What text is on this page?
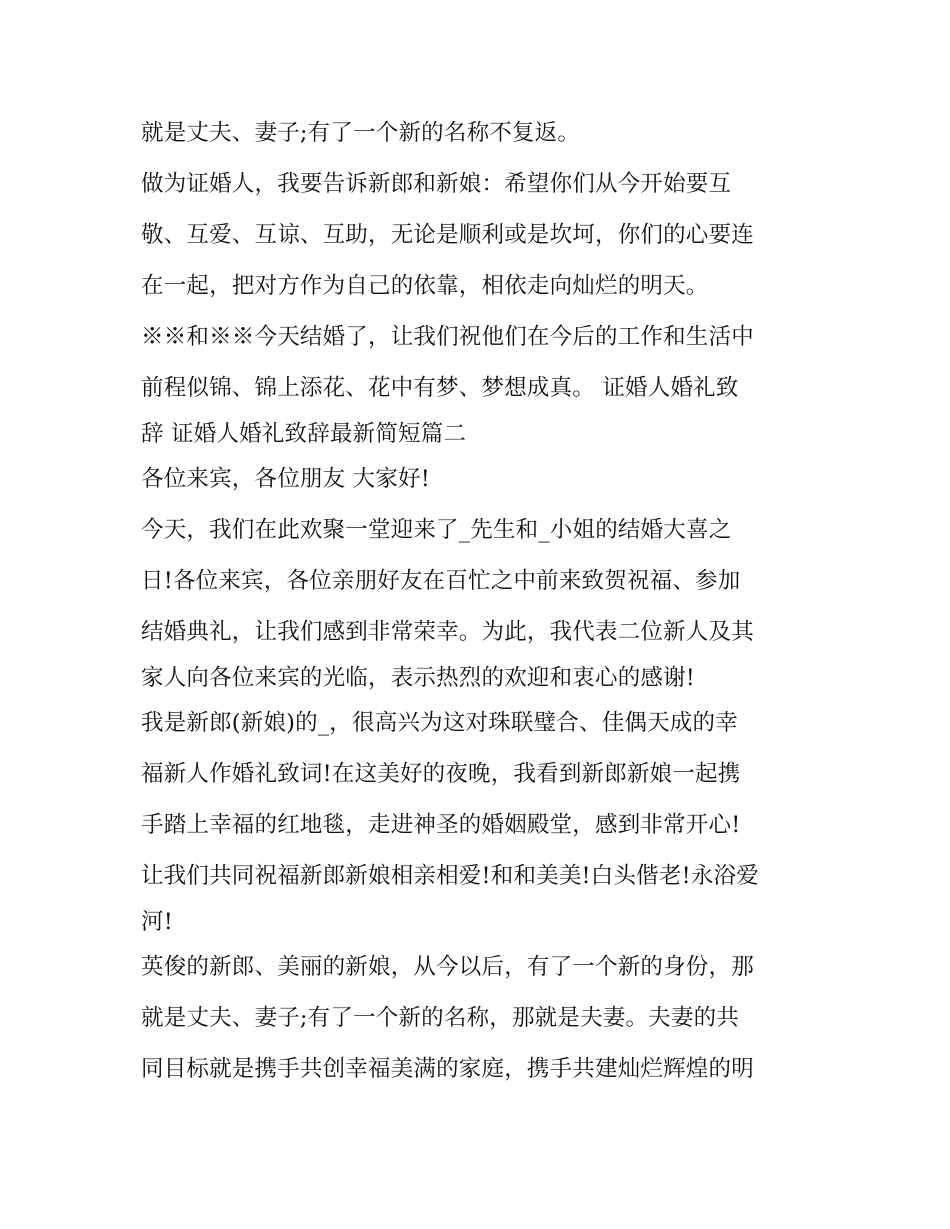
就是丈夫、妻子;有了一个新的名称不复返。
做为证婚人，我要告诉新郎和新娘：希望你们从今开始要互
敬、互爱、互谅、互助，无论是顺利或是坎坷，你们的心要连
在一起，把对方作为自己的依靠，相依走向灿烂的明天。
※※和※※今天结婚了，让我们祝他们在今后的工作和生活中
前程似锦、锦上添花、花中有梦、梦想成真。 证婚人婚礼致
辞 证婚人婚礼致辞最新简短篇二
各位来宾，各位朋友 大家好!
今天，我们在此欢聚一堂迎来了_先生和_小姐的结婚大喜之
日!各位来宾，各位亲朋好友在百忙之中前来致贺祝福、参加
结婚典礼，让我们感到非常荣幸。为此，我代表二位新人及其
家人向各位来宾的光临，表示热烈的欢迎和衷心的感谢!
我是新郎(新娘)的_，很高兴为这对珠联璧合、佳偶天成的幸
福新人作婚礼致词!在这美好的夜晚，我看到新郎新娘一起携
手踏上幸福的红地毯，走进神圣的婚姻殿堂，感到非常开心!
让我们共同祝福新郎新娘相亲相爱!和和美美!白头偕老!永浴爱
河!
英俊的新郎、美丽的新娘，从今以后，有了一个新的身份，那
就是丈夫、妻子;有了一个新的名称，那就是夫妻。夫妻的共
同目标就是携手共创幸福美满的家庭，携手共建灿烂辉煌的明
